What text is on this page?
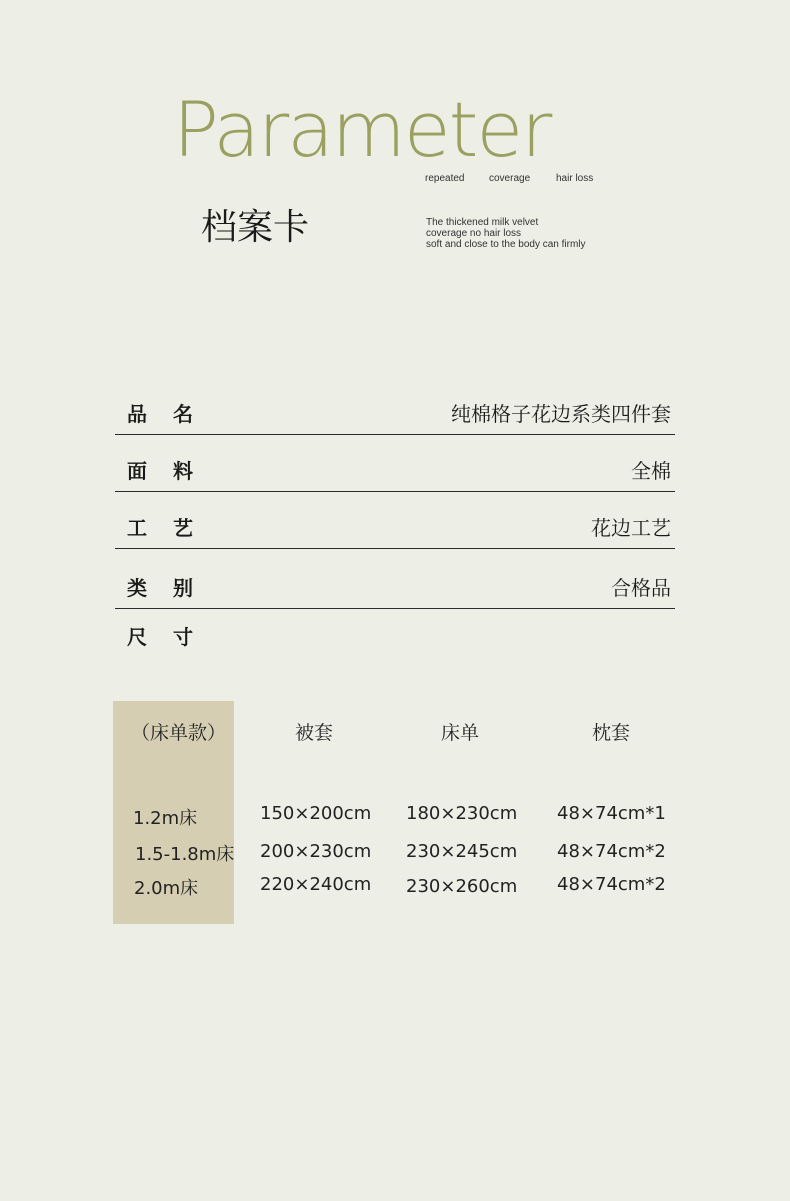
Parameter
repeated coverage	hair loss
档案卡	The thickened milk velvet
coverage no hair loss
soft and close to the body can firmly
品名	纯棉格子花边系类四件套
面料	全棉
工艺	花边工艺
类别	合格品
尺寸
（床单款）	被套	床单	枕套
1.2m床	150×200cm 180×230cm 48×74cm*1
1.5-1.8m床 200×230cm 230×245cm 48×74cm*2
2.0m床	220×240cm 230×260cm 48×74cm*2
